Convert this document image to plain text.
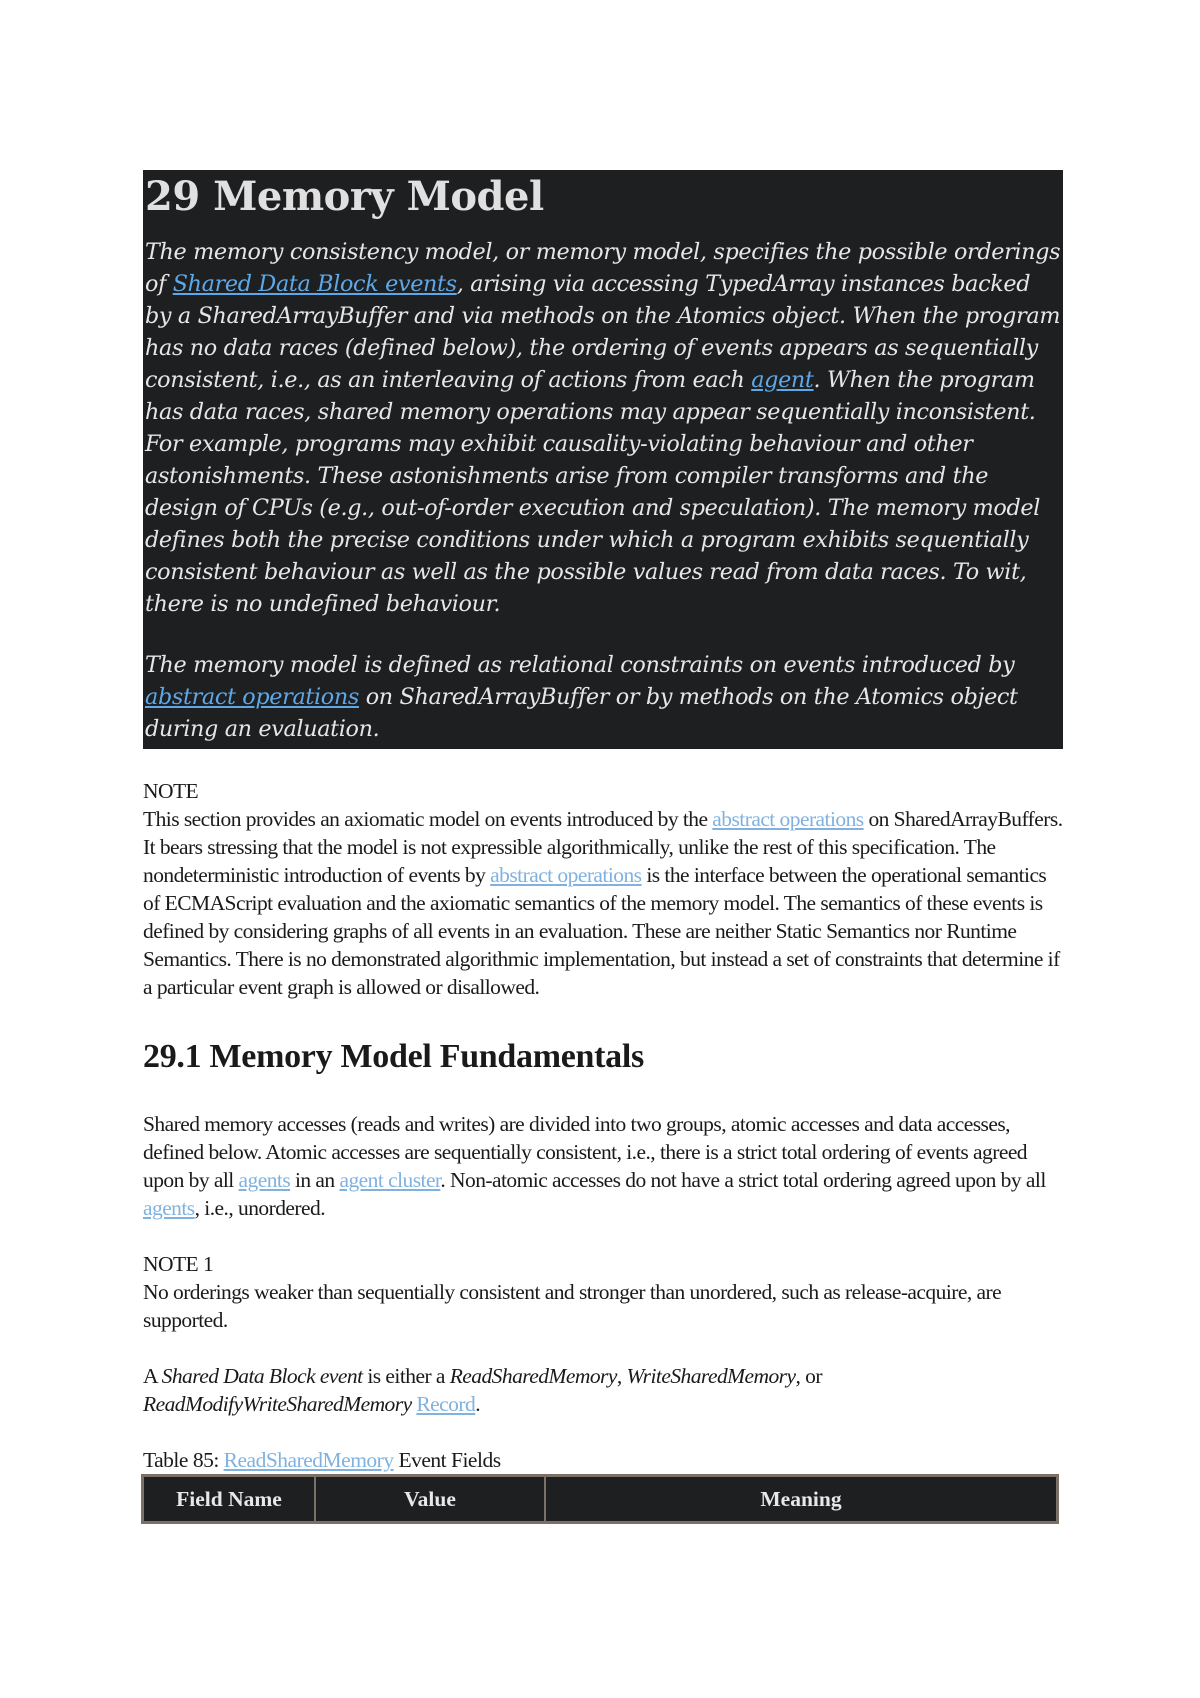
29 Memory Model

The memory consistency model, or memory model, specifies the possible orderings of Shared Data Block events, arising via accessing TypedArray instances backed by a SharedArrayBuffer and via methods on the Atomics object. When the program has no data races (defined below), the ordering of events appears as sequentially consistent, i.e., as an interleaving of actions from each agent. When the program has data races, shared memory operations may appear sequentially inconsistent. For example, programs may exhibit causality-violating behaviour and other astonishments. These astonishments arise from compiler transforms and the design of CPUs (e.g., out-of-order execution and speculation). The memory model defines both the precise conditions under which a program exhibits sequentially consistent behaviour as well as the possible values read from data races. To wit, there is no undefined behaviour.

The memory model is defined as relational constraints on events introduced by abstract operations on SharedArrayBuffer or by methods on the Atomics object during an evaluation.

NOTE
This section provides an axiomatic model on events introduced by the abstract operations on SharedArrayBuffers. It bears stressing that the model is not expressible algorithmically, unlike the rest of this specification. The nondeterministic introduction of events by abstract operations is the interface between the operational semantics of ECMAScript evaluation and the axiomatic semantics of the memory model. The semantics of these events is defined by considering graphs of all events in an evaluation. These are neither Static Semantics nor Runtime Semantics. There is no demonstrated algorithmic implementation, but instead a set of constraints that determine if a particular event graph is allowed or disallowed.
29.1 Memory Model Fundamentals

Shared memory accesses (reads and writes) are divided into two groups, atomic accesses and data accesses, defined below. Atomic accesses are sequentially consistent, i.e., there is a strict total ordering of events agreed upon by all agents in an agent cluster. Non-atomic accesses do not have a strict total ordering agreed upon by all agents, i.e., unordered.

NOTE 1
No orderings weaker than sequentially consistent and stronger than unordered, such as release-acquire, are supported.

A Shared Data Block event is either a ReadSharedMemory, WriteSharedMemory, or ReadModifyWriteSharedMemory Record.

Table 85: ReadSharedMemory Event Fields
Field Name	Value	Meaning
